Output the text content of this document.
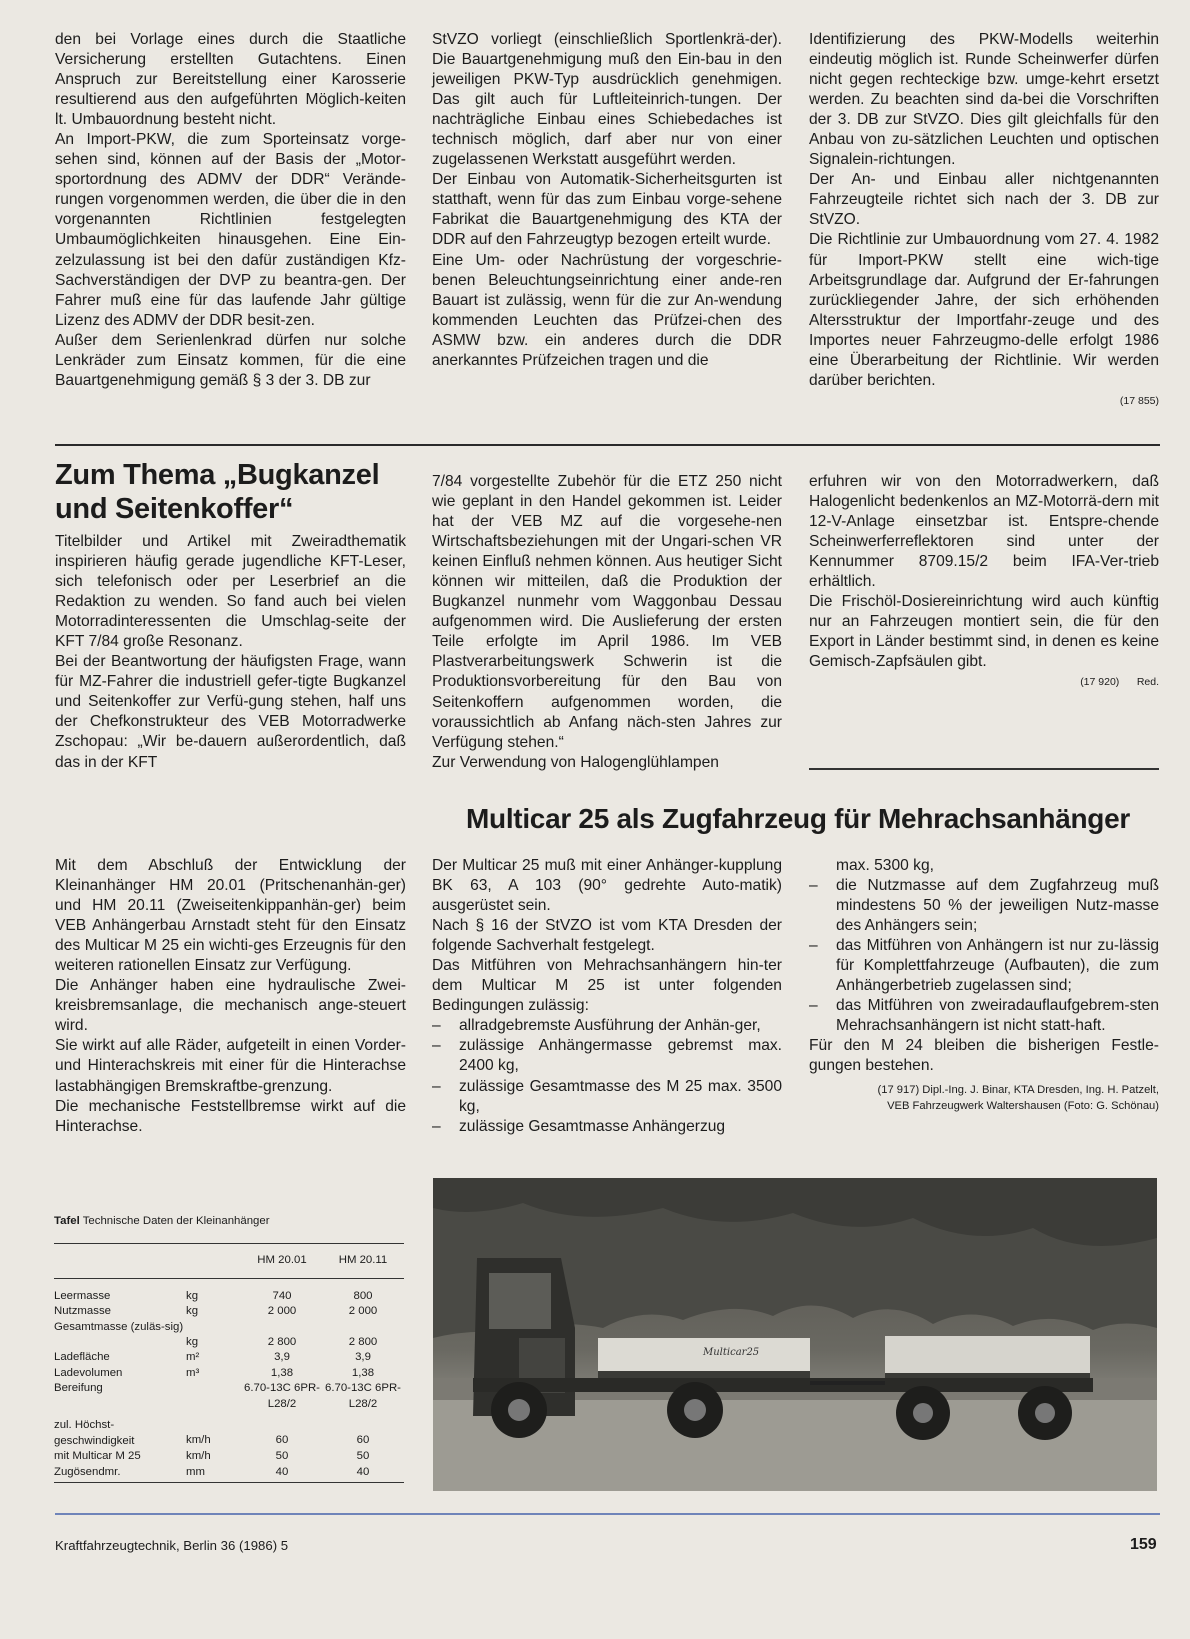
den bei Vorlage eines durch die Staatliche Versicherung erstellten Gutachtens. Einen Anspruch zur Bereitstellung einer Karosserie resultierend aus den aufgeführten Möglich-keiten lt. Umbauordnung besteht nicht.

An Import-PKW, die zum Sporteinsatz vorge-sehen sind, können auf der Basis der „Motor-sportordnung des ADMV der DDR“ Verände-rungen vorgenommen werden, die über die in den vorgenannten Richtlinien festgelegten Umbaumöglichkeiten hinausgehen. Eine Ein-zelzulassung ist bei den dafür zuständigen Kfz-Sachverständigen der DVP zu beantra-gen. Der Fahrer muß eine für das laufende Jahr gültige Lizenz des ADMV der DDR besit-zen.

Außer dem Serienlenkrad dürfen nur solche Lenkräder zum Einsatz kommen, für die eine Bauartgenehmigung gemäß § 3 der 3. DB zur

StVZO vorliegt (einschließlich Sportlenkrä-der). Die Bauartgenehmigung muß den Ein-bau in den jeweiligen PKW-Typ ausdrücklich genehmigen. Das gilt auch für Luftleiteinrich-tungen. Der nachträgliche Einbau eines Schiebedaches ist technisch möglich, darf aber nur von einer zugelassenen Werkstatt ausgeführt werden.

Der Einbau von Automatik-Sicherheitsgurten ist statthaft, wenn für das zum Einbau vorge-sehene Fabrikat die Bauartgenehmigung des KTA der DDR auf den Fahrzeugtyp bezogen erteilt wurde.

Eine Um- oder Nachrüstung der vorgeschrie-benen Beleuchtungseinrichtung einer ande-ren Bauart ist zulässig, wenn für die zur An-wendung kommenden Leuchten das Prüfzei-chen des ASMW bzw. ein anderes durch die DDR anerkanntes Prüfzeichen tragen und die

Identifizierung des PKW-Modells weiterhin eindeutig möglich ist. Runde Scheinwerfer dürfen nicht gegen rechteckige bzw. umge-kehrt ersetzt werden. Zu beachten sind da-bei die Vorschriften der 3. DB zur StVZO. Dies gilt gleichfalls für den Anbau von zu-sätzlichen Leuchten und optischen Signalein-richtungen.

Der An- und Einbau aller nichtgenannten Fahrzeugteile richtet sich nach der 3. DB zur StVZO.

Die Richtlinie zur Umbauordnung vom 27. 4. 1982 für Import-PKW stellt eine wich-tige Arbeitsgrundlage dar. Aufgrund der Er-fahrungen zurückliegender Jahre, der sich erhöhenden Altersstruktur der Importfahr-zeuge und des Importes neuer Fahrzeugmo-delle erfolgt 1986 eine Überarbeitung der Richtlinie. Wir werden darüber berichten.

(17 855)
Zum Thema „Bugkanzel
und Seitenkoffer“

Titelbilder und Artikel mit Zweiradthematik inspirieren häufig gerade jugendliche KFT-Leser, sich telefonisch oder per Leserbrief an die Redaktion zu wenden. So fand auch bei vielen Motorradinteressenten die Umschlag-seite der KFT 7/84 große Resonanz.

Bei der Beantwortung der häufigsten Frage, wann für MZ-Fahrer die industriell gefer-tigte Bugkanzel und Seitenkoffer zur Verfü-gung stehen, half uns der Chefkonstrukteur des VEB Motorradwerke Zschopau: „Wir be-dauern außerordentlich, daß das in der KFT

7/84 vorgestellte Zubehör für die ETZ 250 nicht wie geplant in den Handel gekommen ist. Leider hat der VEB MZ auf die vorgesehe-nen Wirtschaftsbeziehungen mit der Ungari-schen VR keinen Einfluß nehmen können. Aus heutiger Sicht können wir mitteilen, daß die Produktion der Bugkanzel nunmehr vom Waggonbau Dessau aufgenommen wird. Die Auslieferung der ersten Teile erfolgte im April 1986. Im VEB Plastverarbeitungswerk Schwerin ist die Produktionsvorbereitung für den Bau von Seitenkoffern aufgenommen worden, die voraussichtlich ab Anfang näch-sten Jahres zur Verfügung stehen.“

Zur Verwendung von Halogenglühlampen

erfuhren wir von den Motorradwerkern, daß Halogenlicht bedenkenlos an MZ-Motorrä-dern mit 12-V-Anlage einsetzbar ist. Entspre-chende Scheinwerferreflektoren sind unter der Kennummer 8709.15/2 beim IFA-Ver-trieb erhältlich.

Die Frischöl-Dosiereinrichtung wird auch künftig nur an Fahrzeugen montiert sein, die für den Export in Länder bestimmt sind, in denen es keine Gemisch-Zapfsäulen gibt.

(17 920) Red.
Multicar 25 als Zugfahrzeug für Mehrachsanhänger

Mit dem Abschluß der Entwicklung der Kleinanhänger HM 20.01 (Pritschenanhän-ger) und HM 20.11 (Zweiseitenkippanhän-ger) beim VEB Anhängerbau Arnstadt steht für den Einsatz des Multicar M 25 ein wichti-ges Erzeugnis für den weiteren rationellen Einsatz zur Verfügung.

Die Anhänger haben eine hydraulische Zwei-kreisbremsanlage, die mechanisch ange-steuert wird.

Sie wirkt auf alle Räder, aufgeteilt in einen Vorder- und Hinterachskreis mit einer für die Hinterachse lastabhängigen Bremskraftbe-grenzung.

Die mechanische Feststellbremse wirkt auf die Hinterachse.

Der Multicar 25 muß mit einer Anhänger-kupplung BK 63, A 103 (90° gedrehte Auto-matik) ausgerüstet sein.

Nach § 16 der StVZO ist vom KTA Dresden der folgende Sachverhalt festgelegt.

Das Mitführen von Mehrachsanhängern hin-ter dem Multicar M 25 ist unter folgenden Bedingungen zulässig:

– allradgebremste Ausführung der Anhän-ger,
– zulässige Anhängermasse gebremst max. 2400 kg,
– zulässige Gesamtmasse des M 25 max. 3500 kg,
– zulässige Gesamtmasse Anhängerzug

max. 5300 kg,

– die Nutzmasse auf dem Zugfahrzeug muß mindestens 50 % der jeweiligen Nutz-masse des Anhängers sein;
– das Mitführen von Anhängern ist nur zu-lässig für Komplettfahrzeuge (Aufbauten), die zum Anhängerbetrieb zugelassen sind;
– das Mitführen von zweiradauflaufgebrem-sten Mehrachsanhängern ist nicht statt-haft.

Für den M 24 bleiben die bisherigen Festle-gungen bestehen.

(17 917) Dipl.-Ing. J. Binar, KTA Dresden, Ing. H. Patzelt,
VEB Fahrzeugwerk Waltershausen (Foto: G. Schönau)
Tafel Technische Daten der Kleinanhänger
		HM 20.01	HM 20.11
Leermasse	kg	740	800
Nutzmasse	kg	2 000	2 000
Gesamtmasse (zuläs-sig)	kg	2 800	2 800
Ladefläche	m²	3,9	3,9
Ladevolumen	m³	1,38	1,38
Bereifung		6.70-13C 6PR-L28/2	6.70-13C 6PR-L28/2
zul. Höchst-geschwindigkeit	km/h	60	60
mit Multicar M 25	km/h	50	50
Zugösendmr.	mm	40	40
Multicar25
Kraftfahrzeugtechnik, Berlin 36 (1986) 5	159
